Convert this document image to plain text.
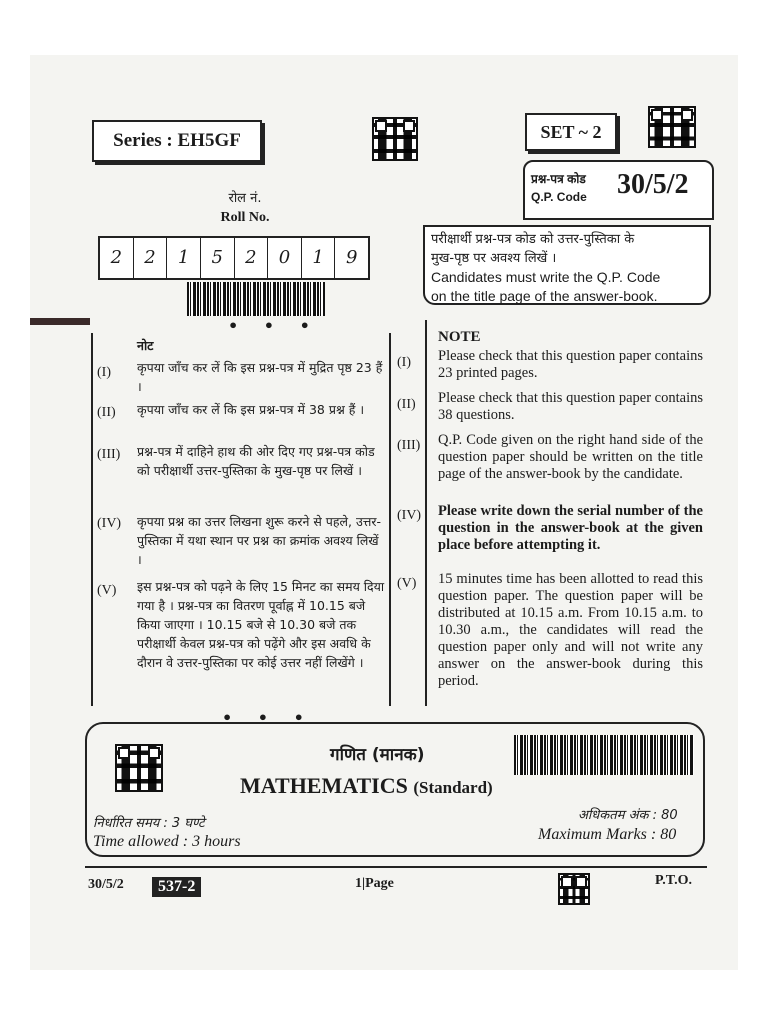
Series : EH5GF	SET ~ 2
प्रश्न-पत्र कोड
Q.P. Code 30/5/2
रोल नं.
Roll No.
2	2	1	5	2	0	1	9
• • •
परीक्षार्थी प्रश्न-पत्र कोड को उत्तर-पुस्तिका के
मुख-पृष्ठ पर अवश्य लिखें ।
Candidates must write the Q.P. Code
on the title page of the answer-book.
नोट
NOTE
(I) कृपया जाँच कर लें कि इस प्रश्न-पत्र में मुद्रित पृष्ठ 23 हैं ।
(I) Please check that this question paper contains 23 printed pages.
(II) कृपया जाँच कर लें कि इस प्रश्न-पत्र में 38 प्रश्न हैं ।	(II) Please check that this question paper contains 38 questions.
(III) प्रश्न-पत्र में दाहिने हाथ की ओर दिए गए प्रश्न-पत्र कोड को परीक्षार्थी उत्तर-पुस्तिका के मुख-पृष्ठ पर लिखें ।
(III) Q.P. Code given on the right hand side of the question paper should be written on the title page of the answer-book by the candidate.
(IV) कृपया प्रश्न का उत्तर लिखना शुरू करने से पहले, उत्तर-पुस्तिका में यथा स्थान पर प्रश्न का क्रमांक अवश्य लिखें ।
(IV) Please write down the serial number of the question in the answer-book at the given place before attempting it.
(V) इस प्रश्न-पत्र को पढ़ने के लिए 15 मिनट का समय दिया गया है । प्रश्न-पत्र का वितरण पूर्वाह्न में 10.15 बजे किया जाएगा । 10.15 बजे से 10.30 बजे तक परीक्षार्थी केवल प्रश्न-पत्र को पढ़ेंगे और इस अवधि के दौरान वे उत्तर-पुस्तिका पर कोई उत्तर नहीं लिखेंगे ।
(V) 15 minutes time has been allotted to read this question paper. The question paper will be distributed at 10.15 a.m. From 10.15 a.m. to 10.30 a.m., the candidates will read the question paper only and will not write any answer on the answer-book during this period.
• • •
गणित (मानक)
MATHEMATICS (Standard)
निर्धारित समय : 3 घण्टे
Time allowed : 3 hours
अधिकतम अंक : 80
Maximum Marks : 80
30/5/2	537-2	1|Page	P.T.O.
